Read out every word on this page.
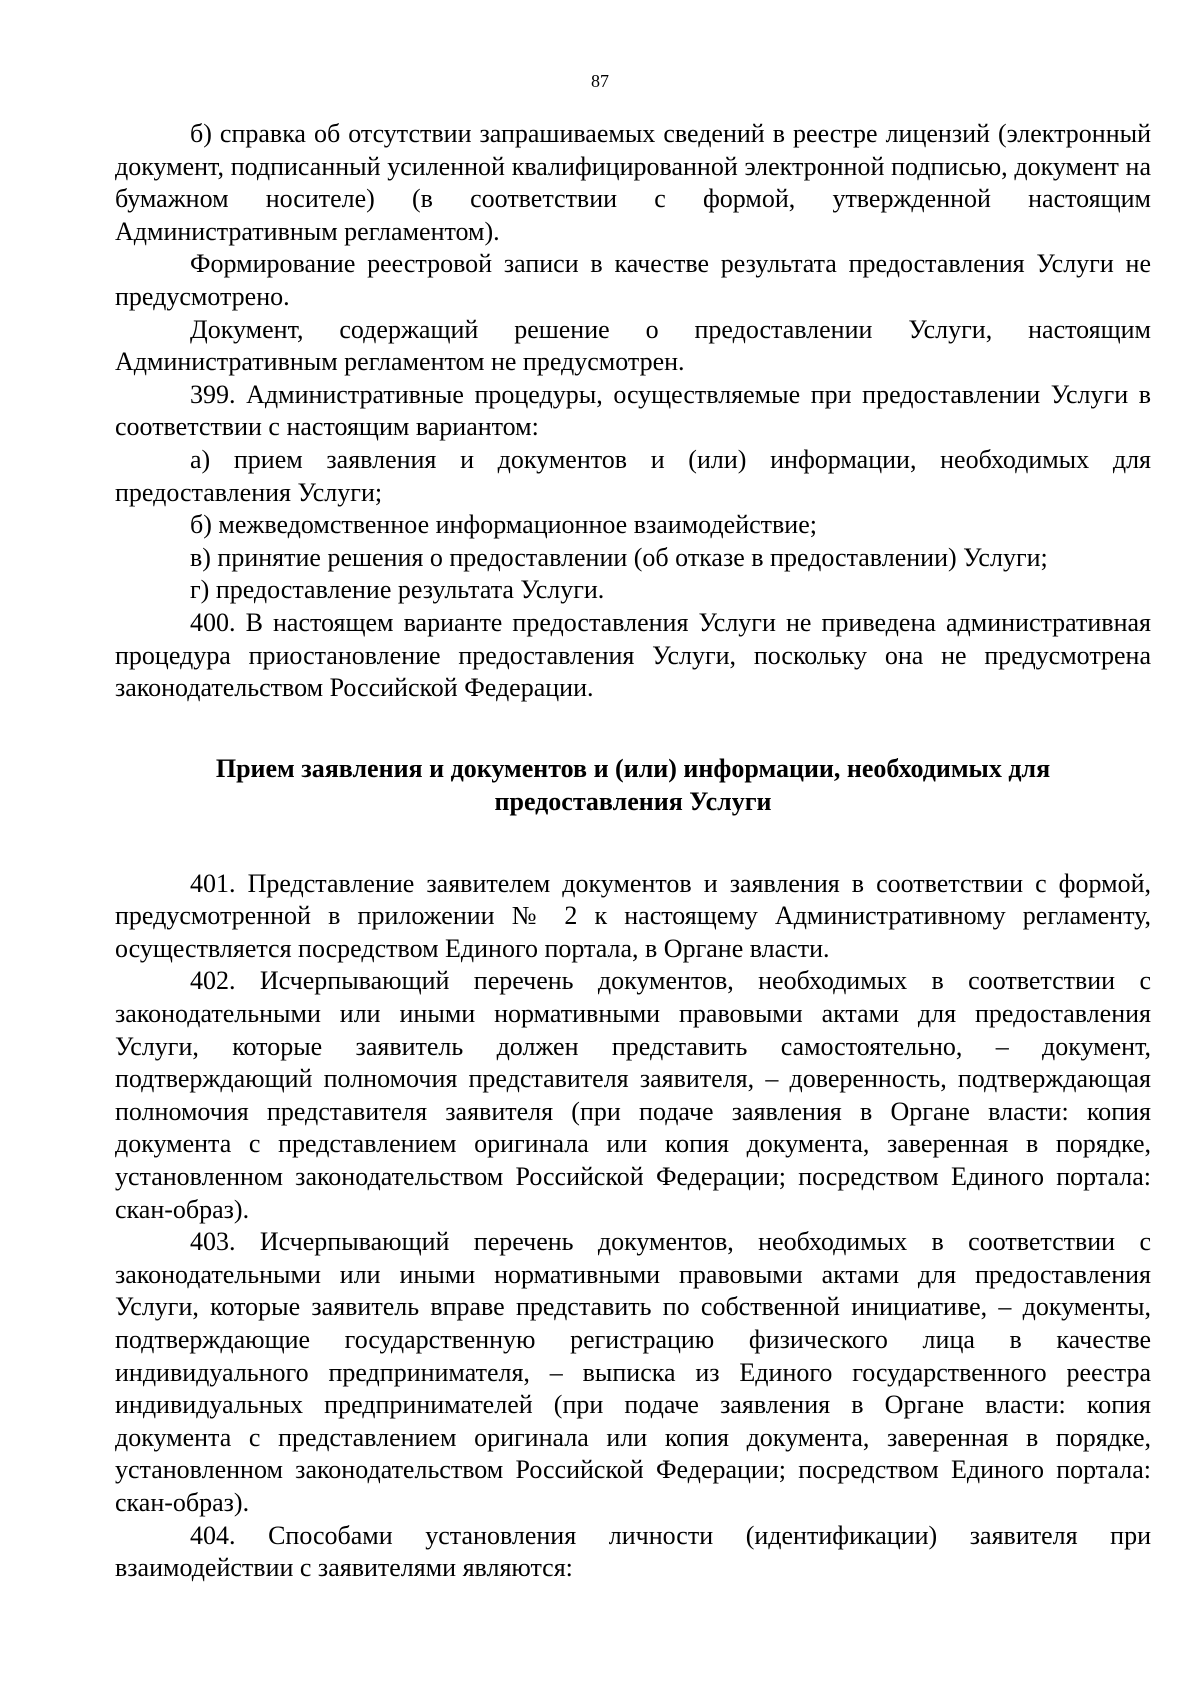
87

б) справка об отсутствии запрашиваемых сведений в реестре лицензий (электронный документ, подписанный усиленной квалифицированной электронной подписью, документ на бумажном носителе) (в соответствии с формой, утвержденной настоящим Административным регламентом).

Формирование реестровой записи в качестве результата предоставления Услуги не предусмотрено.

Документ, содержащий решение о предоставлении Услуги, настоящим Административным регламентом не предусмотрен.

399. Административные процедуры, осуществляемые при предоставлении Услуги в соответствии с настоящим вариантом:

а) прием заявления и документов и (или) информации, необходимых для предоставления Услуги;

б) межведомственное информационное взаимодействие;

в) принятие решения о предоставлении (об отказе в предоставлении) Услуги;

г) предоставление результата Услуги.

400. В настоящем варианте предоставления Услуги не приведена административная процедура приостановление предоставления Услуги, поскольку она не предусмотрена законодательством Российской Федерации.

Прием заявления и документов и (или) информации, необходимых для
предоставления Услуги

401. Представление заявителем документов и заявления в соответствии с формой, предусмотренной в приложении № 2 к настоящему Административному регламенту, осуществляется посредством Единого портала, в Органе власти.

402. Исчерпывающий перечень документов, необходимых в соответствии с законодательными или иными нормативными правовыми актами для предоставления Услуги, которые заявитель должен представить самостоятельно, – документ, подтверждающий полномочия представителя заявителя, – доверенность, подтверждающая полномочия представителя заявителя (при подаче заявления в Органе власти: копия документа с представлением оригинала или копия документа, заверенная в порядке, установленном законодательством Российской Федерации; посредством Единого портала: скан-образ).

403. Исчерпывающий перечень документов, необходимых в соответствии с законодательными или иными нормативными правовыми актами для предоставления Услуги, которые заявитель вправе представить по собственной инициативе, – документы, подтверждающие государственную регистрацию физического лица в качестве индивидуального предпринимателя, – выписка из Единого государственного реестра индивидуальных предпринимателей (при подаче заявления в Органе власти: копия документа с представлением оригинала или копия документа, заверенная в порядке, установленном законодательством Российской Федерации; посредством Единого портала: скан-образ).

404. Способами установления личности (идентификации) заявителя при взаимодействии с заявителями являются:
